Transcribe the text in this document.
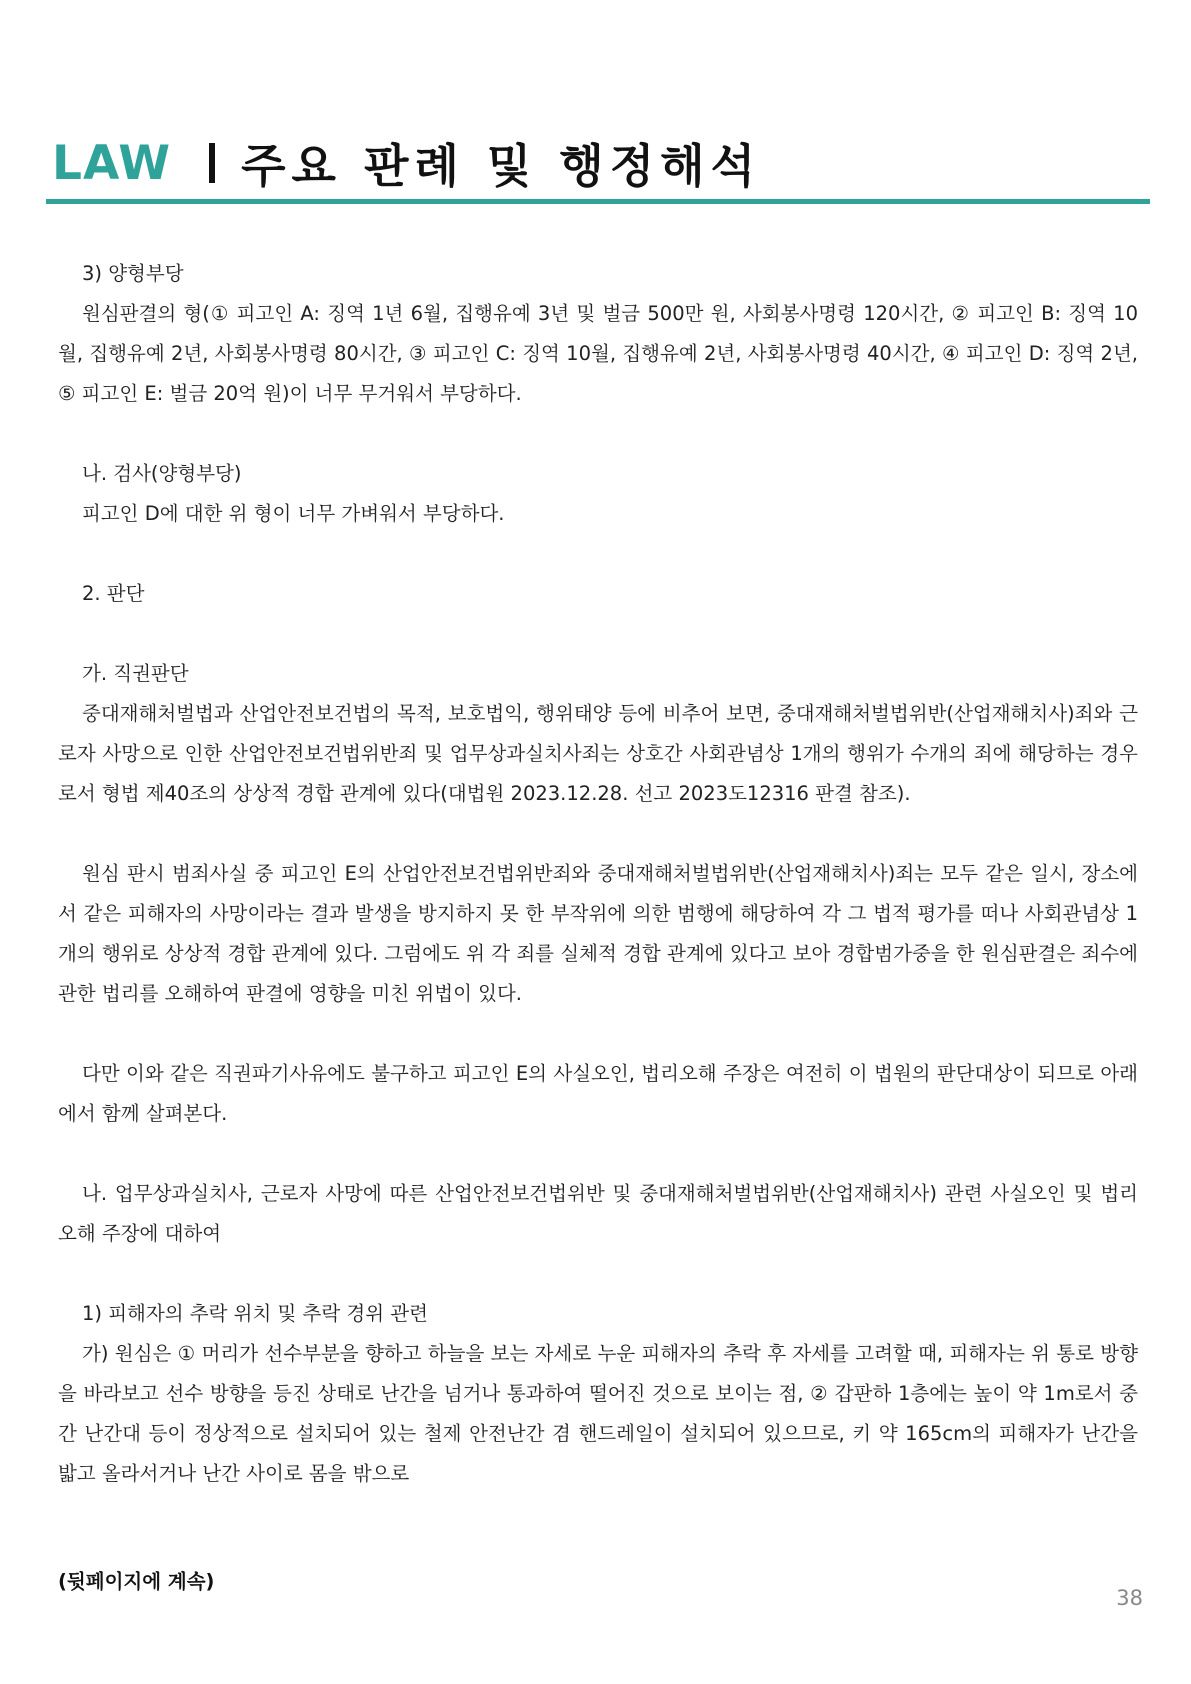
LAW 주요 판례 및 행정해석

3) 양형부당

원심판결의 형(① 피고인 A: 징역 1년 6월, 집행유예 3년 및 벌금 500만 원, 사회봉사명령 120시간, ② 피고인 B: 징역 10월, 집행유예 2년, 사회봉사명령 80시간, ③ 피고인 C: 징역 10월, 집행유예 2년, 사회봉사명령 40시간, ④ 피고인 D: 징역 2년, ⑤ 피고인 E: 벌금 20억 원)이 너무 무거워서 부당하다.

나. 검사(양형부당)

피고인 D에 대한 위 형이 너무 가벼워서 부당하다.

2. 판단

가. 직권판단

중대재해처벌법과 산업안전보건법의 목적, 보호법익, 행위태양 등에 비추어 보면, 중대재해처벌법위반(산업재해치사)죄와 근로자 사망으로 인한 산업안전보건법위반죄 및 업무상과실치사죄는 상호간 사회관념상 1개의 행위가 수개의 죄에 해당하는 경우로서 형법 제40조의 상상적 경합 관계에 있다(대법원 2023.12.28. 선고 2023도12316 판결 참조).

원심 판시 범죄사실 중 피고인 E의 산업안전보건법위반죄와 중대재해처벌법위반(산업재해치사)죄는 모두 같은 일시, 장소에서 같은 피해자의 사망이라는 결과 발생을 방지하지 못 한 부작위에 의한 범행에 해당하여 각 그 법적 평가를 떠나 사회관념상 1개의 행위로 상상적 경합 관계에 있다. 그럼에도 위 각 죄를 실체적 경합 관계에 있다고 보아 경합범가중을 한 원심판결은 죄수에 관한 법리를 오해하여 판결에 영향을 미친 위법이 있다.

다만 이와 같은 직권파기사유에도 불구하고 피고인 E의 사실오인, 법리오해 주장은 여전히 이 법원의 판단대상이 되므로 아래에서 함께 살펴본다.

나. 업무상과실치사, 근로자 사망에 따른 산업안전보건법위반 및 중대재해처벌법위반(산업재해치사) 관련 사실오인 및 법리오해 주장에 대하여

1) 피해자의 추락 위치 및 추락 경위 관련

가) 원심은 ① 머리가 선수부분을 향하고 하늘을 보는 자세로 누운 피해자의 추락 후 자세를 고려할 때, 피해자는 위 통로 방향을 바라보고 선수 방향을 등진 상태로 난간을 넘거나 통과하여 떨어진 것으로 보이는 점, ② 갑판하 1층에는 높이 약 1m로서 중간 난간대 등이 정상적으로 설치되어 있는 철제 안전난간 겸 핸드레일이 설치되어 있으므로, 키 약 165cm의 피해자가 난간을 밟고 올라서거나 난간 사이로 몸을 밖으로

(뒷페이지에 계속)
38
